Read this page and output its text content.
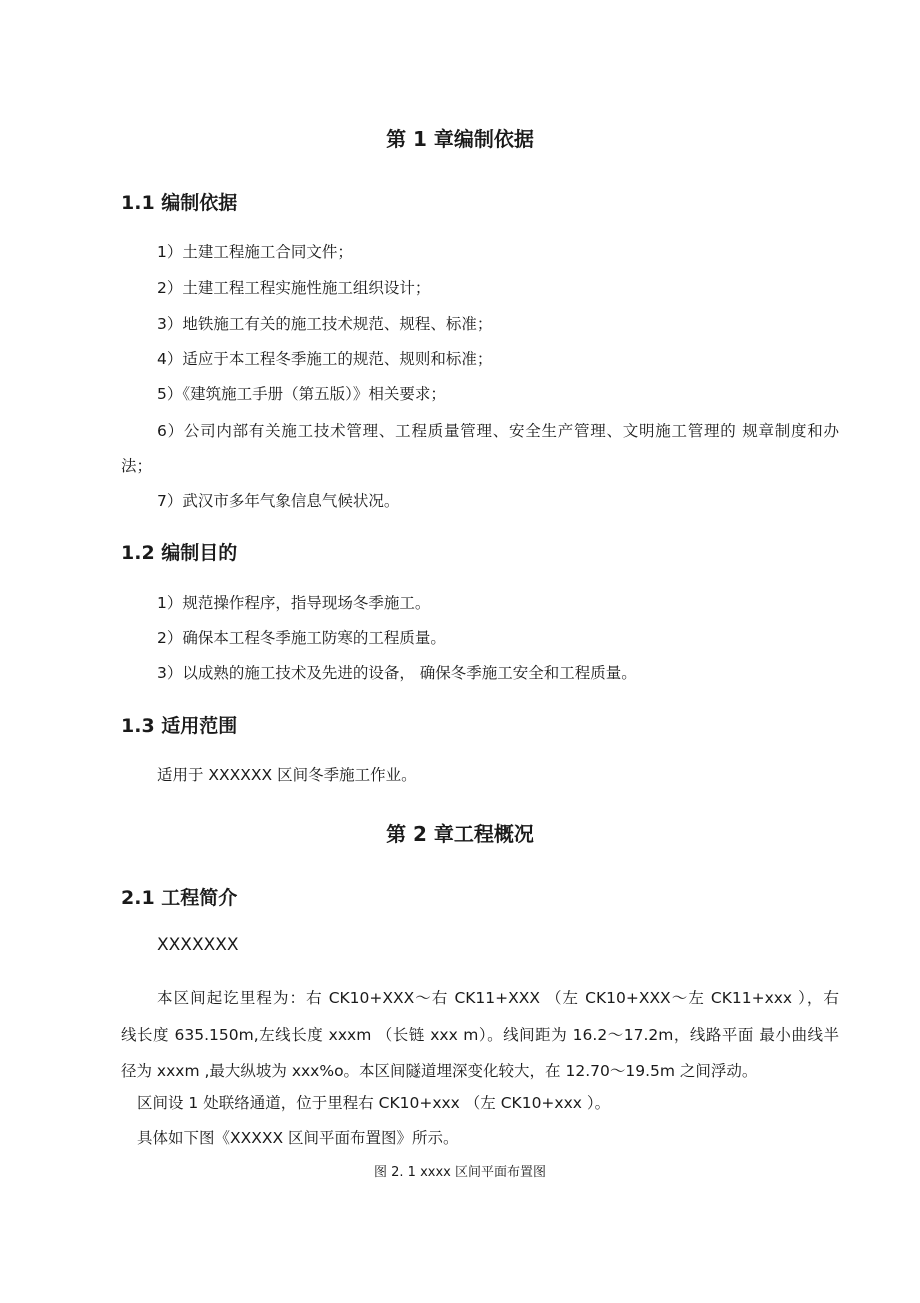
第 1 章编制依据
1.1 编制依据

1）土建工程施工合同文件；

2）土建工程工程实施性施工组织设计；

3）地铁施工有关的施工技术规范、规程、标准；

4）适应于本工程冬季施工的规范、规则和标准；

5）《建筑施工手册（第五版）》相关要求；

6）公司内部有关施工技术管理、工程质量管理、安全生产管理、文明施工管理的 规章制度和办

法；

7）武汉市多年气象信息气候状况。

1.2 编制目的

1）规范操作程序，指导现场冬季施工。

2）确保本工程冬季施工防寒的工程质量。

3）以成熟的施工技术及先进的设备， 确保冬季施工安全和工程质量。

1.3 适用范围

适用于 XXXXXX 区间冬季施工作业。

第 2 章工程概况
2.1 工程简介

XXXXXXX

本区间起讫里程为：右 CK10+XXX～右 CK11+XXX （左 CK10+XXX～左 CK11+xxx ），右

线长度 635.150m,左线长度 xxxm （长链 xxx m）。线间距为 16.2～17.2m，线路平面 最小曲线半

径为 xxxm ,最大纵坡为 xxx%o。本区间隧道埋深变化较大，在 12.70～19.5m 之间浮动。

区间设 1 处联络通道，位于里程右 CK10+xxx （左 CK10+xxx ）。

具体如下图《XXXXX 区间平面布置图》所示。

图 2. 1 xxxx 区间平面布置图
